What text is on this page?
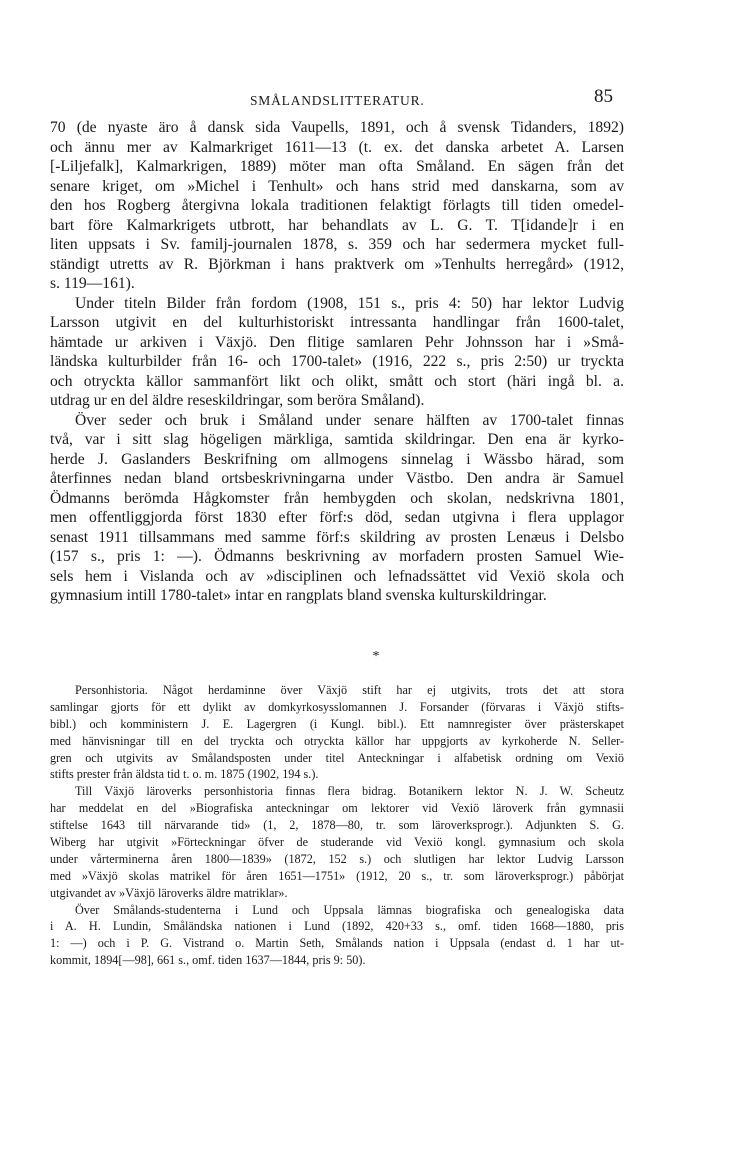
SMÅLANDSLITTERATUR.	85
70 (de nyaste äro å dansk sida Vaupells, 1891, och å svensk Tidanders, 1892)
och ännu mer av Kalmarkriget 1611—13 (t. ex. det danska arbetet A. Larsen
[-Liljefalk], Kalmarkrigen, 1889) möter man ofta Småland. En sägen från det
senare kriget, om »Michel i Tenhult» och hans strid med danskarna, som av
den hos Rogberg återgivna lokala traditionen felaktigt förlagts till tiden omedel-
bart före Kalmarkrigets utbrott, har behandlats av L. G. T. T[idande]r i en
liten uppsats i Sv. familj-journalen 1878, s. 359 och har sedermera mycket full-
ständigt utretts av R. Björkman i hans praktverk om »Tenhults herregård» (1912,
s. 119—161).
Under titeln Bilder från fordom (1908, 151 s., pris 4: 50) har lektor Ludvig
Larsson utgivit en del kulturhistoriskt intressanta handlingar från 1600-talet,
hämtade ur arkiven i Växjö. Den flitige samlaren Pehr Johnsson har i »Små-
ländska kulturbilder från 16- och 1700-talet» (1916, 222 s., pris 2:50) ur tryckta
och otryckta källor sammanfört likt och olikt, smått och stort (häri ingå bl. a.
utdrag ur en del äldre reseskildringar, som beröra Småland).
Över seder och bruk i Småland under senare hälften av 1700-talet finnas
två, var i sitt slag högeligen märkliga, samtida skildringar. Den ena är kyrko-
herde J. Gaslanders Beskrifning om allmogens sinnelag i Wässbo härad, som
återfinnes nedan bland ortsbeskrivningarna under Västbo. Den andra är Samuel
Ödmanns berömda Hågkomster från hembygden och skolan, nedskrivna 1801,
men offentliggjorda först 1830 efter förf:s död, sedan utgivna i flera upplagor
senast 1911 tillsammans med samme förf:s skildring av prosten Lenæus i Delsbo
(157 s., pris 1: —). Ödmanns beskrivning av morfadern prosten Samuel Wie-
sels hem i Vislanda och av »disciplinen och lefnadssättet vid Vexiö skola och
gymnasium intill 1780-talet» intar en rangplats bland svenska kulturskildringar.
*
Personhistoria. Något herdaminne över Växjö stift har ej utgivits, trots det att stora
samlingar gjorts för ett dylikt av domkyrkosysslomannen J. Forsander (förvaras i Växjö stifts-
bibl.) och komministern J. E. Lagergren (i Kungl. bibl.). Ett namnregister över prästerskapet
med hänvisningar till en del tryckta och otryckta källor har uppgjorts av kyrkoherde N. Seller-
gren och utgivits av Smålandsposten under titel Anteckningar i alfabetisk ordning om Vexiö
stifts prester från äldsta tid t. o. m. 1875 (1902, 194 s.).
Till Växjö läroverks personhistoria finnas flera bidrag. Botanikern lektor N. J. W. Scheutz
har meddelat en del »Biografiska anteckningar om lektorer vid Vexiö läroverk från gymnasii
stiftelse 1643 till närvarande tid» (1, 2, 1878—80, tr. som läroverksprogr.). Adjunkten S. G.
Wiberg har utgivit »Förteckningar öfver de studerande vid Vexiö kongl. gymnasium och skola
under vårterminerna åren 1800—1839» (1872, 152 s.) och slutligen har lektor Ludvig Larsson
med »Växjö skolas matrikel för åren 1651—1751» (1912, 20 s., tr. som läroverksprogr.) påbörjat
utgivandet av »Växjö läroverks äldre matriklar».
Över Smålands-studenterna i Lund och Uppsala lämnas biografiska och genealogiska data
i A. H. Lundin, Småländska nationen i Lund (1892, 420+33 s., omf. tiden 1668—1880, pris
1: —) och i P. G. Vistrand o. Martin Seth, Smålands nation i Uppsala (endast d. 1 har ut-
kommit, 1894[—98], 661 s., omf. tiden 1637—1844, pris 9: 50).
